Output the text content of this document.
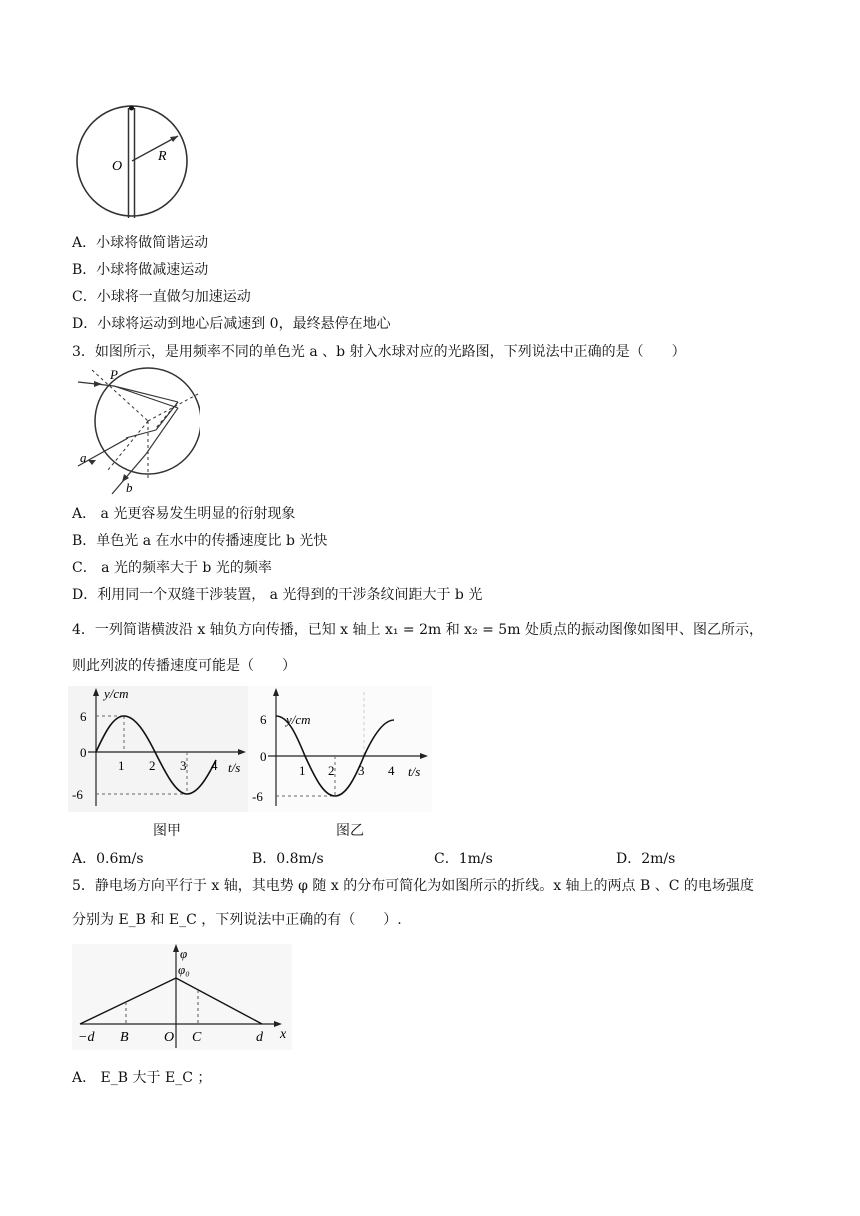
O
R
A．小球将做简谐运动
B．小球将做减速运动
C．小球将一直做匀加速运动
D．小球将运动到地心后减速到 0，最终悬停在地心
3．如图所示，是用频率不同的单色光 a 、b 射入水球对应的光路图，下列说法中正确的是（　　）
P
a
b
A． a 光更容易发生明显的衍射现象
B．单色光 a 在水中的传播速度比 b 光快
C． a 光的频率大于 b 光的频率
D．利用同一个双缝干涉装置， a 光得到的干涉条纹间距大于 b 光
4．一列简谐横波沿 x 轴负方向传播，已知 x 轴上 x₁ = 2m 和 x₂ = 5m 处质点的振动图像如图甲、图乙所示，
则此列波的传播速度可能是（　　）
y/cm
t/s
6
0
-6
1 2 3 4
y/cm
t/s
6
0
-6
1 2 3 4
图甲	图乙
A．0.6m/s	B．0.8m/s	C．1m/s	D．2m/s
5．静电场方向平行于 x 轴，其电势 φ 随 x 的分布可简化为如图所示的折线。x 轴上的两点 B 、C 的电场强度
分别为 E_B 和 E_C ，下列说法中正确的有（　　）.
φ
φ₀
−d B	O C	d x
A． E_B 大于 E_C ；
